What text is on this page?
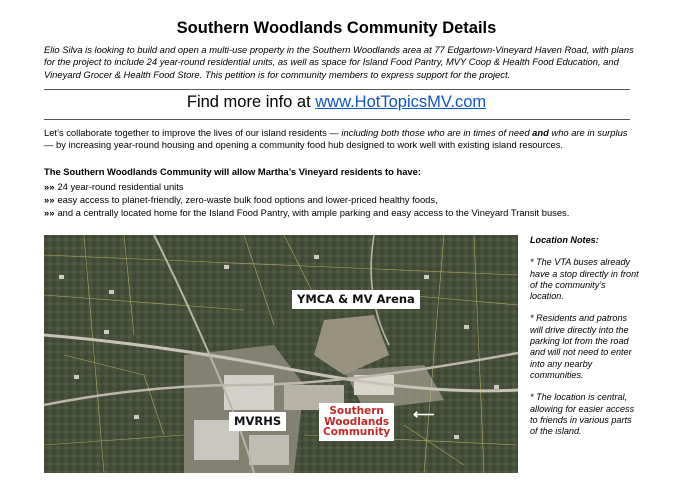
Southern Woodlands Community Details
Elio Silva is looking to build and open a multi-use property in the Southern Woodlands area at 77 Edgartown-Vineyard Haven Road, with plans for the project to include 24 year-round residential units, as well as space for Island Food Pantry, MVY Coop & Health Food Education, and Vineyard Grocer & Health Food Store. This petition is for community members to express support for the project.
Find more info at www.HotTopicsMV.com
Let’s collaborate together to improve the lives of our island residents — including both those who are in times of need and who are in surplus — by increasing year-round housing and opening a community food hub designed to work well with existing island resources.
The Southern Woodlands Community will allow Martha’s Vineyard residents to have:
»» 24 year-round residential units
»» easy access to planet-friendly, zero-waste bulk food options and lower-priced healthy foods,
»» and a centrally located home for the Island Food Pantry, with ample parking and easy access to the Vineyard Transit buses.
YMCA & MV Arena
MVRHS
Southern
Woodlands
Community
⟵
Location Notes:

* The VTA buses already have a stop directly in front of the community’s location.

* Residents and patrons will drive directly into the parking lot from the road and will not need to enter into any nearby communities.

* The location is central, allowing for easier access to friends in various parts of the island.
